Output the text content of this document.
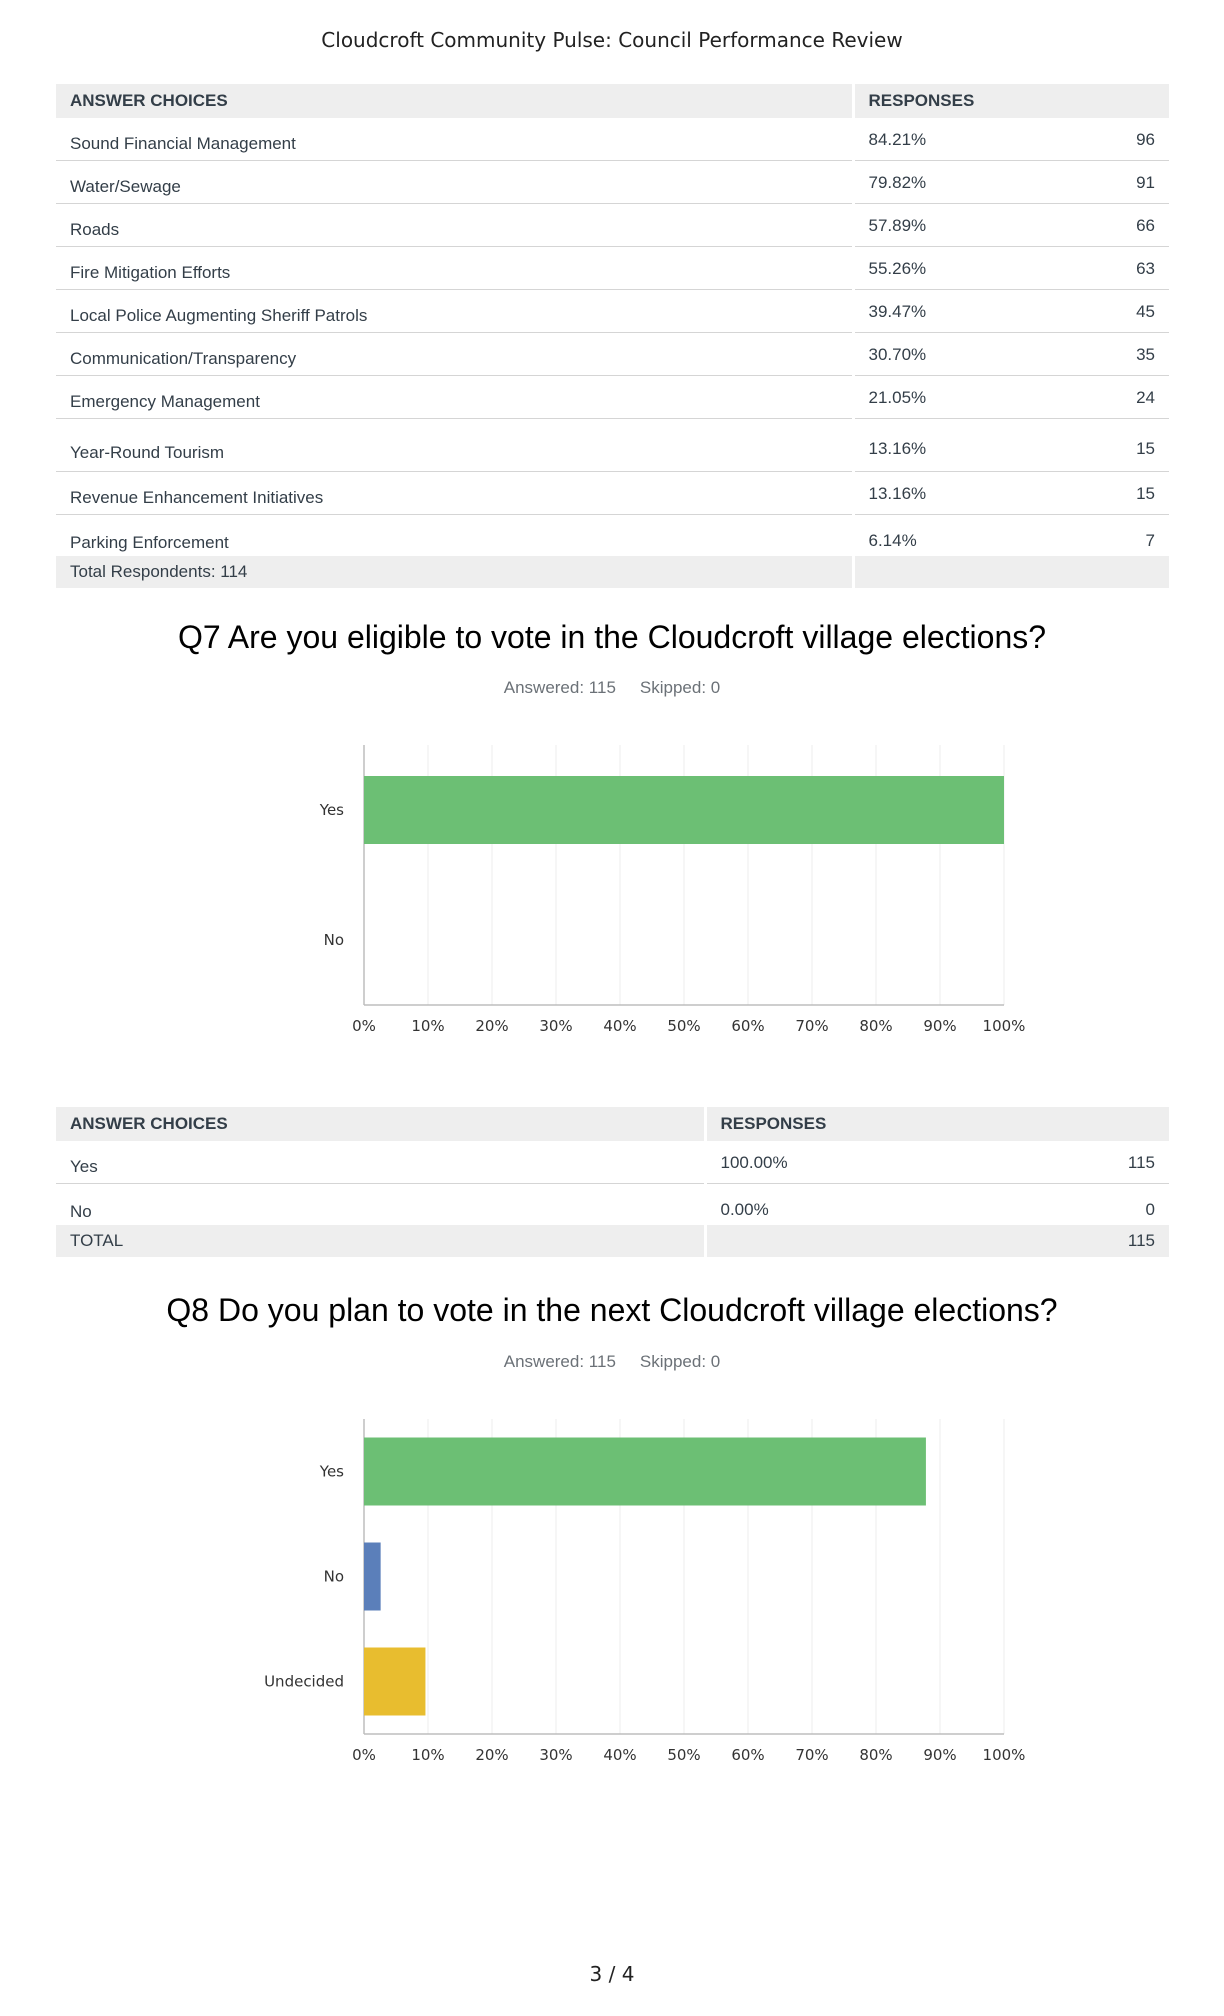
Cloudcroft Community Pulse: Council Performance Review
ANSWER CHOICES	RESPONSES
Sound Financial Management	84.21% 96

Water/Sewage	79.82% 91

Roads	57.89% 66

Fire Mitigation Efforts	55.26% 63

Local Police Augmenting Sheriff Patrols	39.47% 45

Communication/Transparency	30.70% 35

Emergency Management	21.05% 24

Year-Round Tourism	13.16% 15

Revenue Enhancement Initiatives	13.16% 15

Parking Enforcement	6.14% 7

Total Respondents: 114	
Q7 Are you eligible to vote in the Cloudcroft village elections?
Answered: 115 Skipped: 0
0% 10% 20% 30% 40% 50% 60% 70% 80% 90% 100%
Yes
No
ANSWER CHOICES	RESPONSES
Yes	100.00% 115

No	0.00% 0

TOTAL	115
Q8 Do you plan to vote in the next Cloudcroft village elections?
Answered: 115 Skipped: 0
0% 10% 20% 30% 40% 50% 60% 70% 80% 90% 100%
Yes
No
Undecided
3 / 4
